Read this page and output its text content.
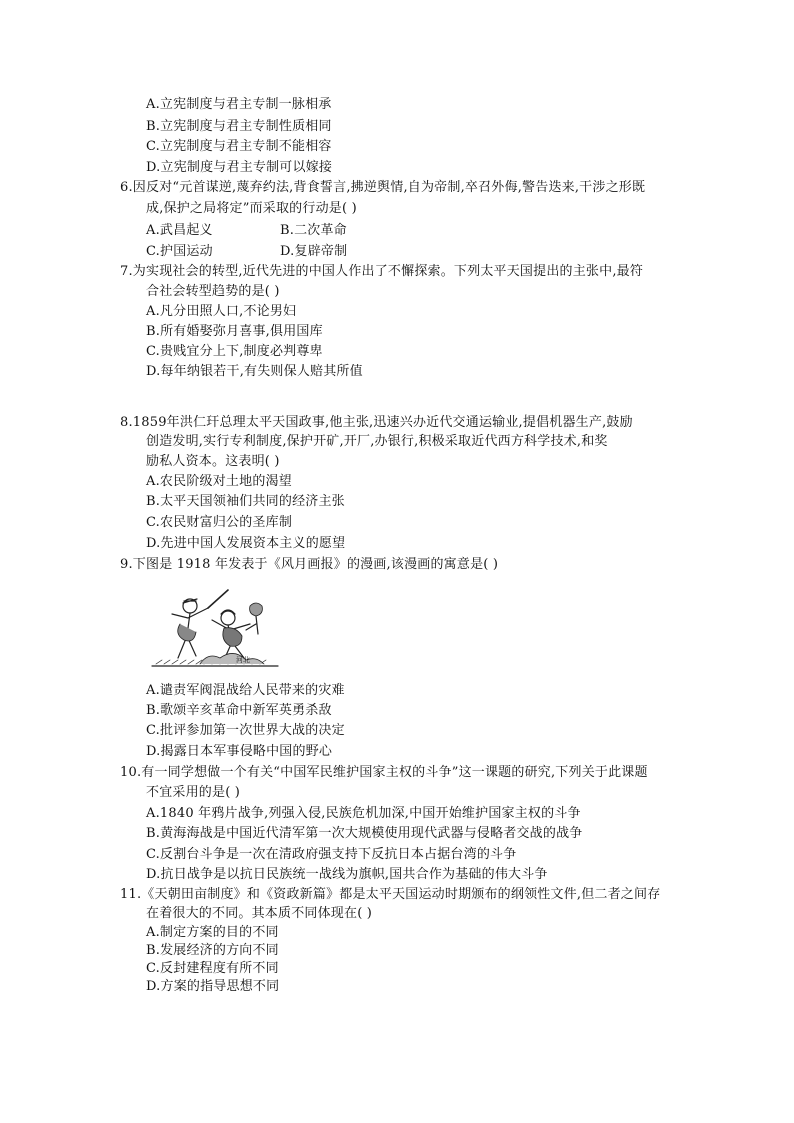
A.立宪制度与君主专制一脉相承
B.立宪制度与君主专制性质相同
C.立宪制度与君主专制不能相容
D.立宪制度与君主专制可以嫁接
6.因反对“元首谋逆,蔑弃约法,背食誓言,拂逆舆情,自为帝制,卒召外侮,警告迭来,干涉之形既
成,保护之局将定”而采取的行动是( )
A.武昌起义	B.二次革命
C.护国运动	D.复辟帝制
7.为实现社会的转型,近代先进的中国人作出了不懈探索。下列太平天国提出的主张中,最符
合社会转型趋势的是( )
A.凡分田照人口,不论男妇
B.所有婚娶弥月喜事,俱用国库
C.贵贱宜分上下,制度必判尊卑
D.每年纳银若干,有失则保人赔其所值
8.1859年洪仁玕总理太平天国政事,他主张,迅速兴办近代交通运输业,提倡机器生产,鼓励
创造发明,实行专利制度,保护开矿,开厂,办银行,积极采取近代西方科学技术,和奖
励私人资本。这表明( )
A.农民阶级对土地的渴望
B.太平天国领袖们共同的经济主张
C.农民财富归公的圣库制
D.先进中国人发展资本主义的愿望
9.下图是 1918 年发表于《风月画报》的漫画,该漫画的寓意是( )
河北
A.谴责军阀混战给人民带来的灾难
B.歌颂辛亥革命中新军英勇杀敌
C.批评参加第一次世界大战的决定
D.揭露日本军事侵略中国的野心
10.有一同学想做一个有关“中国军民维护国家主权的斗争”这一课题的研究,下列关于此课题
不宜采用的是( )
A.1840 年鸦片战争,列强入侵,民族危机加深,中国开始维护国家主权的斗争
B.黄海海战是中国近代清军第一次大规模使用现代武器与侵略者交战的战争
C.反割台斗争是一次在清政府强支持下反抗日本占据台湾的斗争
D.抗日战争是以抗日民族统一战线为旗帜,国共合作为基础的伟大斗争
11.《天朝田亩制度》和《资政新篇》都是太平天国运动时期颁布的纲领性文件,但二者之间存
在着很大的不同。其本质不同体现在( )
A.制定方案的目的不同
B.发展经济的方向不同
C.反封建程度有所不同
D.方案的指导思想不同
